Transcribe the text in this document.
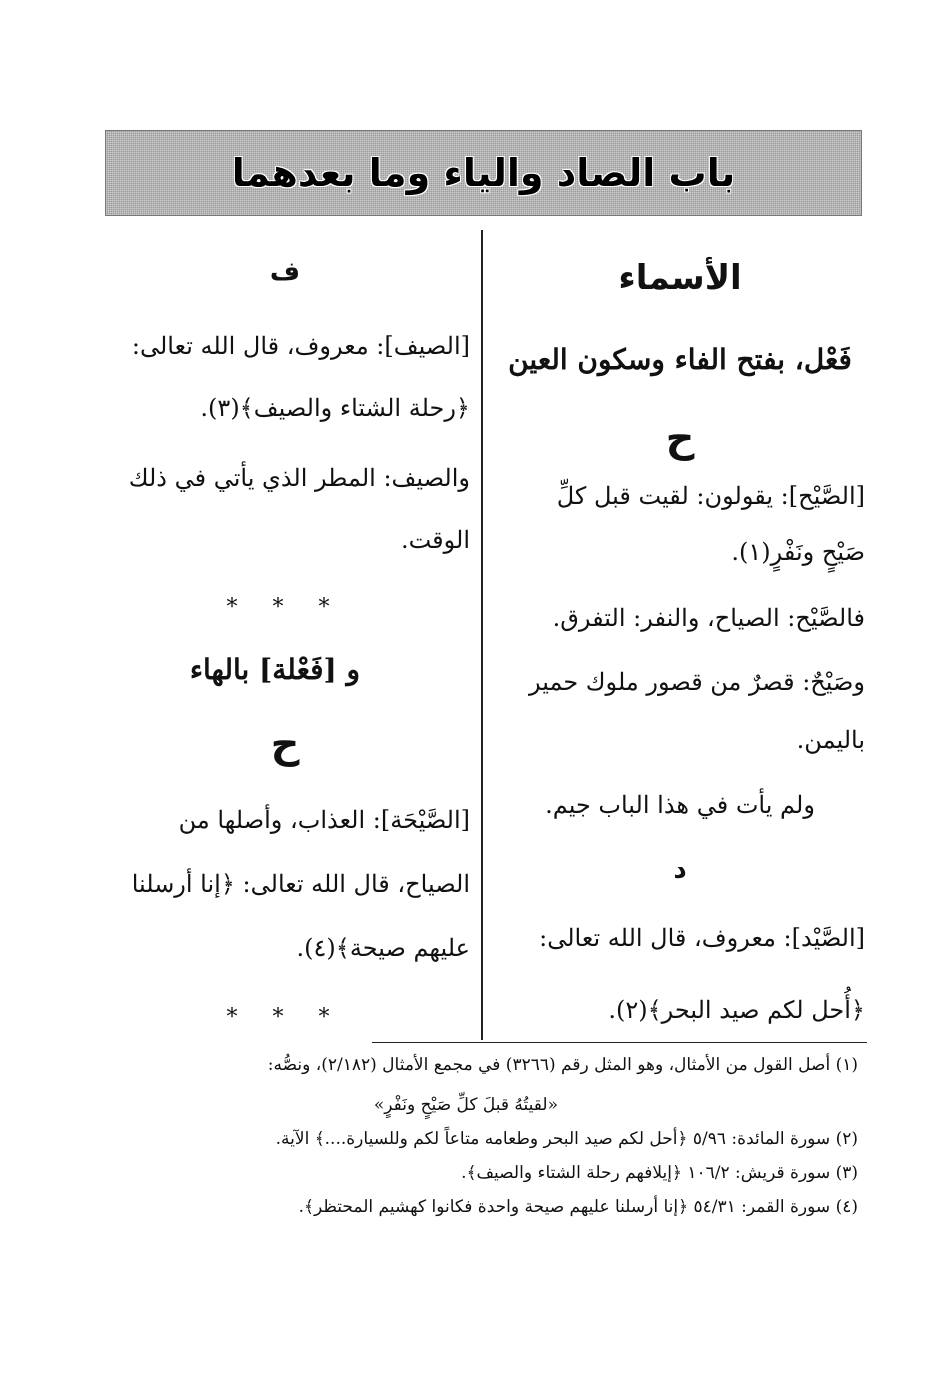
باب الصاد والياء وما بعدهما
الأسماء
فَعْل، بفتح الفاء وسكون العين
ح
[الصَّيْح]: يقولون: لقيت قبل كلِّ
صَيْحٍ ونَفْرٍ(١).
فالصَّيْح: الصياح، والنفر: التفرق.
وصَيْحٌ: قصرٌ من قصور ملوك حمير
باليمن.
ولم يأت في هذا الباب جيم.
د
[الصَّيْد]: معروف، قال الله تعالى:
﴿أُحل لكم صيد البحر﴾(٢).
ف
[الصيف]: معروف، قال الله تعالى:
﴿رحلة الشتاء والصيف﴾(٣).
والصيف: المطر الذي يأتي في ذلك
الوقت.
* * *
و [فَعْلة] بالهاء
ح
[الصَّيْحَة]: العذاب، وأصلها من
الصياح، قال الله تعالى: ﴿إنا أرسلنا
عليهم صيحة﴾(٤).
* * *
(١) أصل القول من الأمثال، وهو المثل رقم (٣٢٦٦) في مجمع الأمثال (٢/١٨٢)، ونصُّه:
«لقيتُهُ قبلَ كلِّ صَيْحٍ ونَفْرٍ»
(٢) سورة المائدة: ٥/٩٦ ﴿أحل لكم صيد البحر وطعامه متاعاً لكم وللسيارة....﴾ الآية.
(٣) سورة قريش: ١٠٦/٢ ﴿إيلافهم رحلة الشتاء والصيف﴾.
(٤) سورة القمر: ٥٤/٣١ ﴿إنا أرسلنا عليهم صيحة واحدة فكانوا كهشيم المحتظر﴾.
